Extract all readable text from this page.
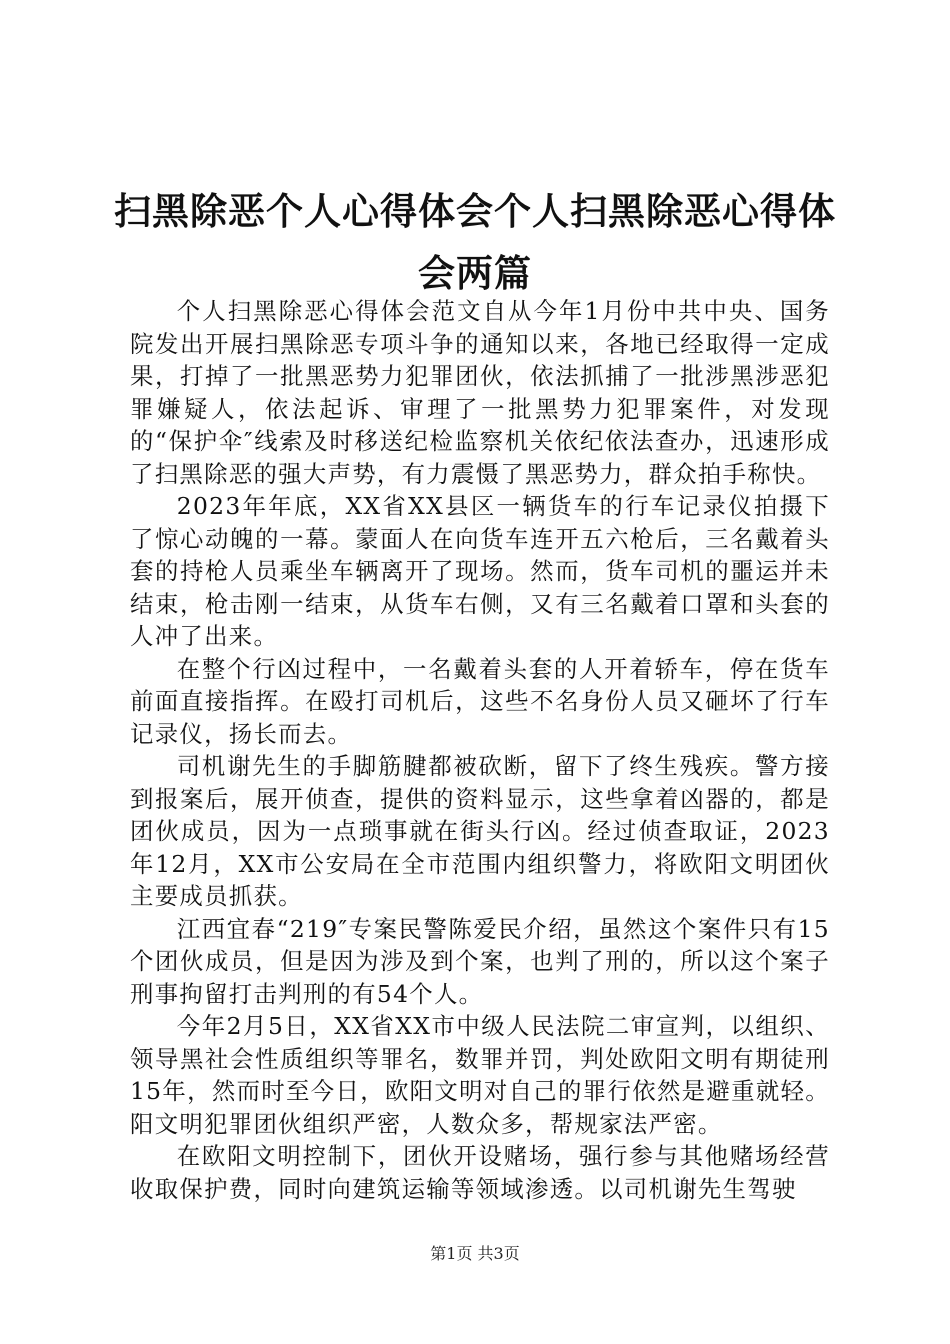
扫黑除恶个人心得体会个人扫黑除恶心得体会两篇

个人扫黑除恶心得体会范文自从今年1月份中共中央、国务院发出开展扫黑除恶专项斗争的通知以来，各地已经取得一定成果，打掉了一批黑恶势力犯罪团伙，依法抓捕了一批涉黑涉恶犯罪嫌疑人，依法起诉、审理了一批黑势力犯罪案件，对发现的“保护伞″线索及时移送纪检监察机关依纪依法查办，迅速形成了扫黑除恶的强大声势，有力震慑了黑恶势力，群众拍手称快。

2023年年底，XX省XX县区一辆货车的行车记录仪拍摄下了惊心动魄的一幕。蒙面人在向货车连开五六枪后，三名戴着头套的持枪人员乘坐车辆离开了现场。然而，货车司机的噩运并未结束，枪击刚一结束，从货车右侧，又有三名戴着口罩和头套的人冲了出来。

在整个行凶过程中，一名戴着头套的人开着轿车，停在货车前面直接指挥。在殴打司机后，这些不名身份人员又砸坏了行车记录仪，扬长而去。

司机谢先生的手脚筋腱都被砍断，留下了终生残疾。警方接到报案后，展开侦查，提供的资料显示，这些拿着凶器的，都是团伙成员，因为一点琐事就在街头行凶。经过侦查取证，2023年12月，XX市公安局在全市范围内组织警力，将欧阳文明团伙主要成员抓获。

江西宜春“219″专案民警陈爱民介绍，虽然这个案件只有15个团伙成员，但是因为涉及到个案，也判了刑的，所以这个案子刑事拘留打击判刑的有54个人。

今年2月5日，XX省XX市中级人民法院二审宣判，以组织、领导黑社会性质组织等罪名，数罪并罚，判处欧阳文明有期徒刑15年，然而时至今日，欧阳文明对自己的罪行依然是避重就轻。阳文明犯罪团伙组织严密，人数众多，帮规家法严密。

在欧阳文明控制下，团伙开设赌场，强行参与其他赌场经营收取保护费，同时向建筑运输等领域渗透。以司机谢先生驾驶

第1页 共3页
